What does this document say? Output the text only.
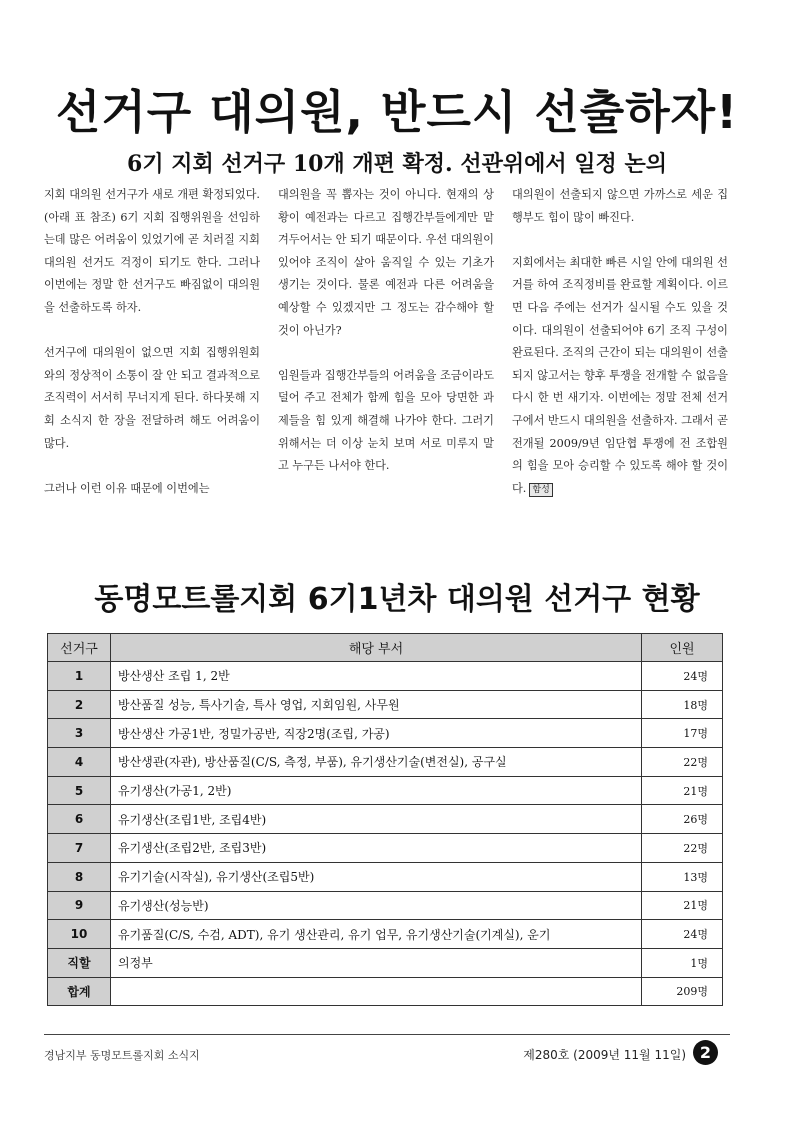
선거구 대의원, 반드시 선출하자!
6기 지회 선거구 10개 개편 확정. 선관위에서 일정 논의

지회 대의원 선거구가 새로 개편 확정되었다. (아래 표 참조) 6기 지회 집행위원을 선임하는데 많은 어려움이 있었기에 곧 치러질 지회 대의원 선거도 걱정이 되기도 한다. 그러나 이번에는 정말 한 선거구도 빠짐없이 대의원을 선출하도록 하자.

선거구에 대의원이 없으면 지회 집행위원회와의 정상적이 소통이 잘 안 되고 결과적으로 조직력이 서서히 무너지게 된다. 하다못해 지회 소식지 한 장을 전달하려 해도 어려움이 많다.

그러나 이런 이유 때문에 이번에는

대의원을 꼭 뽑자는 것이 아니다. 현재의 상황이 예전과는 다르고 집행간부들에게만 맡겨두어서는 안 되기 때문이다. 우선 대의원이 있어야 조직이 살아 움직일 수 있는 기초가 생기는 것이다. 물론 예전과 다른 어려움을 예상할 수 있겠지만 그 정도는 감수해야 할 것이 아닌가?

임원들과 집행간부들의 어려움을 조금이라도 덜어 주고 전체가 함께 힘을 모아 당면한 과제들을 힘 있게 해결해 나가야 한다. 그러기 위해서는 더 이상 눈치 보며 서로 미루지 말고 누구든 나서야 한다.

대의원이 선출되지 않으면 가까스로 세운 집행부도 힘이 많이 빠진다.

지회에서는 최대한 빠른 시일 안에 대의원 선거를 하여 조직정비를 완료할 계획이다. 이르면 다음 주에는 선거가 실시될 수도 있을 것이다. 대의원이 선출되어야 6기 조직 구성이 완료된다. 조직의 근간이 되는 대의원이 선출되지 않고서는 향후 투쟁을 전개할 수 없음을 다시 한 번 새기자. 이번에는 정말 전체 선거구에서 반드시 대의원을 선출하자. 그래서 곧 전개될 2009/9년 임단협 투쟁에 전 조합원의 힘을 모아 승리할 수 있도록 해야 할 것이다. 함성

동명모트롤지회 6기1년차 대의원 선거구 현황
선거구	해당 부서	인원
1	방산생산 조립 1, 2반	24명
2	방산품질 성능, 특사기술, 특사 영업, 지회임원, 사무원	18명
3	방산생산 가공1반, 정밀가공반, 직장2명(조립, 가공)	17명
4	방산생관(자관), 방산품질(C/S, 측정, 부품), 유기생산기술(변전실), 공구실	22명
5	유기생산(가공1, 2반)	21명
6	유기생산(조립1반, 조립4반)	26명
7	유기생산(조립2반, 조립3반)	22명
8	유기기술(시작실), 유기생산(조립5반)	13명
9	유기생산(성능반)	21명
10	유기품질(C/S, 수검, ADT), 유기 생산관리, 유기 업무, 유기생산기술(기계실), 운기	24명
직할	의정부	1명
합계		209명
경남지부 동명모트롤지회 소식지	제280호 (2009년 11월 11일) 2
